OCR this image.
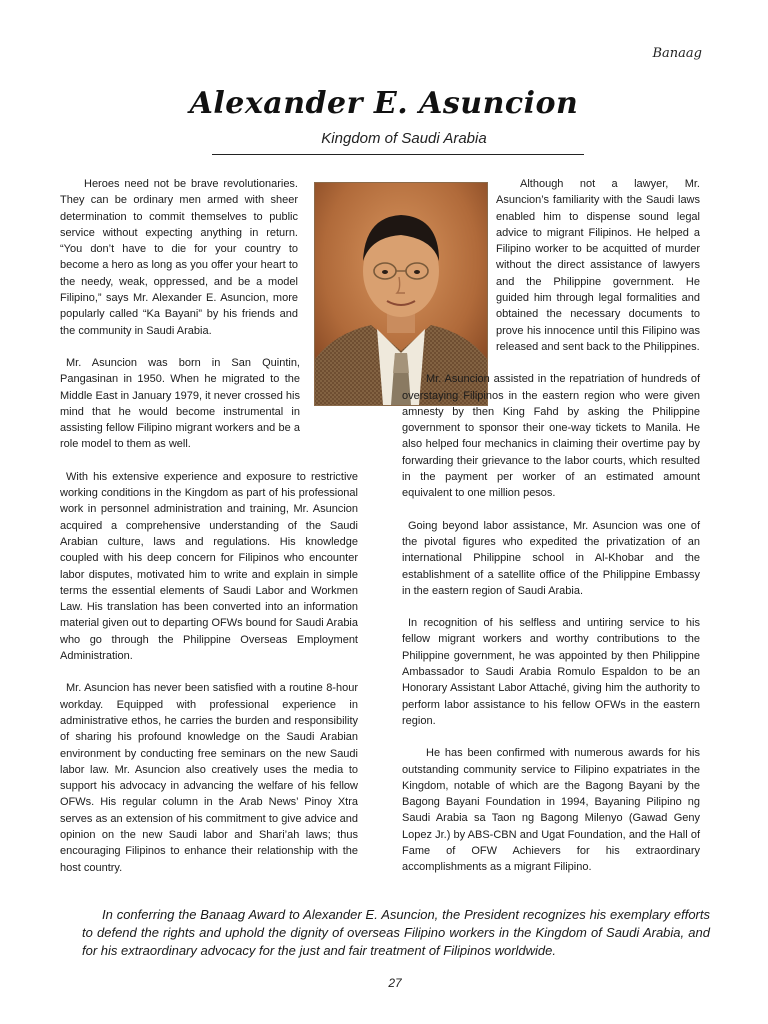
Banaag
Alexander E. Asuncion
Kingdom of Saudi Arabia

Heroes need not be brave revolutionaries. They can be ordinary men armed with sheer determination to commit themselves to public service without expecting anything in return. “You don’t have to die for your country to become a hero as long as you offer your heart to the needy, weak, oppressed, and be a model Filipino,” says Mr. Alexander E. Asuncion, more popularly called “Ka Bayani” by his friends and the community in Saudi Arabia.

Mr. Asuncion was born in San Quintin, Pangasinan in 1950. When he migrated to the Middle East in January 1979, it never crossed his mind that he would become instrumental in assisting fellow Filipino migrant workers and be a role model to them as well.

With his extensive experience and exposure to restrictive working conditions in the Kingdom as part of his professional work in personnel administration and training, Mr. Asuncion acquired a comprehensive understanding of the Saudi Arabian culture, laws and regulations. His knowledge coupled with his deep concern for Filipinos who encounter labor disputes, motivated him to write and explain in simple terms the essential elements of Saudi Labor and Workmen Law. His translation has been converted into an information material given out to departing OFWs bound for Saudi Arabia who go through the Philippine Overseas Employment Administration.

Mr. Asuncion has never been satisfied with a routine 8-hour workday. Equipped with professional experience in administrative ethos, he carries the burden and responsibility of sharing his profound knowledge on the Saudi Arabian environment by conducting free seminars on the new Saudi labor law. Mr. Asuncion also creatively uses the media to support his advocacy in advancing the welfare of his fellow OFWs. His regular column in the Arab News’ Pinoy Xtra serves as an extension of his commitment to give advice and opinion on the new Saudi labor and Shari’ah laws; thus encouraging Filipinos to enhance their relationship with the host country.

Although not a lawyer, Mr. Asuncion’s familiarity with the Saudi laws enabled him to dispense sound legal advice to migrant Filipinos. He helped a Filipino worker to be acquitted of murder without the direct assistance of lawyers and the Philippine government. He guided him through legal formalities and obtained the necessary documents to prove his innocence until this Filipino was released and sent back to the Philippines.

Mr. Asuncion assisted in the repatriation of hundreds of overstaying Filipinos in the eastern region who were given amnesty by then King Fahd by asking the Philippine government to sponsor their one-way tickets to Manila. He also helped four mechanics in claiming their overtime pay by forwarding their grievance to the labor courts, which resulted in the payment per worker of an estimated amount equivalent to one million pesos.

Going beyond labor assistance, Mr. Asuncion was one of the pivotal figures who expedited the privatization of an international Philippine school in Al-Khobar and the establishment of a satellite office of the Philippine Embassy in the eastern region of Saudi Arabia.

In recognition of his selfless and untiring service to his fellow migrant workers and worthy contributions to the Philippine government, he was appointed by then Philippine Ambassador to Saudi Arabia Romulo Espaldon to be an Honorary Assistant Labor Attaché, giving him the authority to perform labor assistance to his fellow OFWs in the eastern region.

He has been confirmed with numerous awards for his outstanding community service to Filipino expatriates in the Kingdom, notable of which are the Bagong Bayani by the Bagong Bayani Foundation in 1994, Bayaning Pilipino ng Saudi Arabia sa Taon ng Bagong Milenyo (Gawad Geny Lopez Jr.) by ABS-CBN and Ugat Foundation, and the Hall of Fame of OFW Achievers for his extraordinary accomplishments as a migrant Filipino.

In conferring the Banaag Award to Alexander E. Asuncion, the President recognizes his exemplary efforts to defend the rights and uphold the dignity of overseas Filipino workers in the Kingdom of Saudi Arabia, and for his extraordinary advocacy for the just and fair treatment of Filipinos worldwide.
27
